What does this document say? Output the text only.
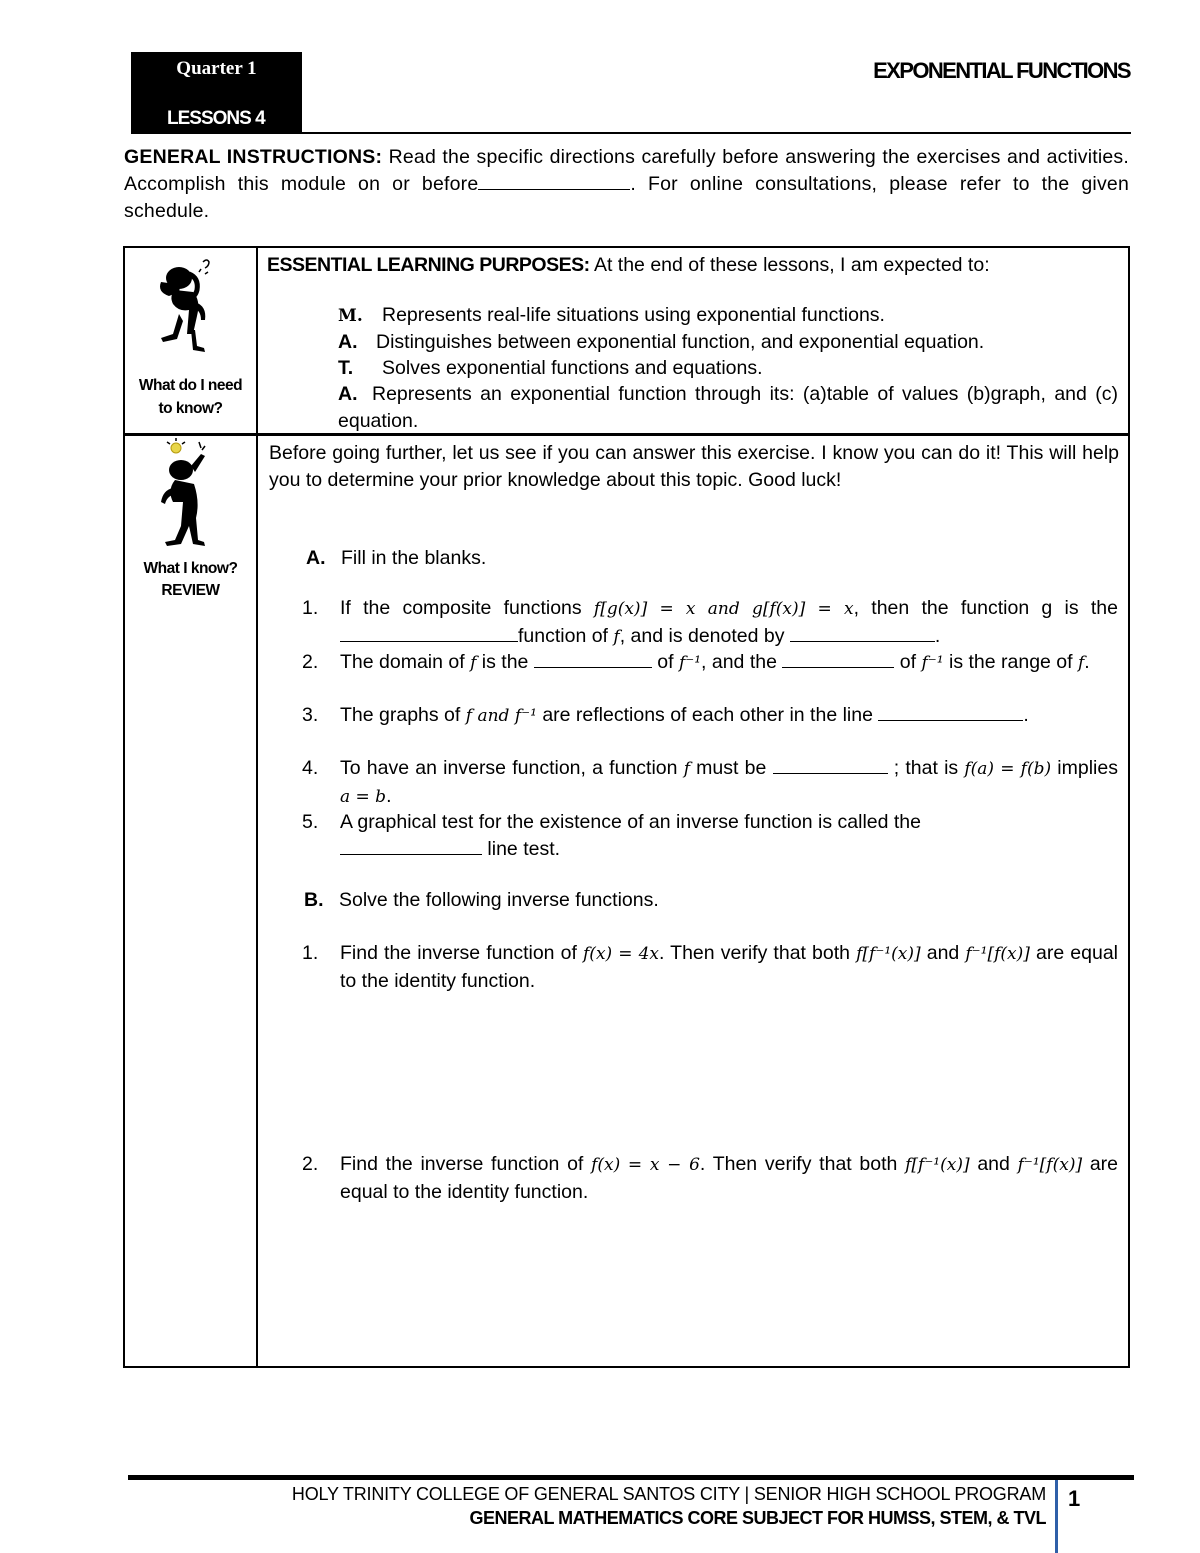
Quarter 1
LESSONS 4
EXPONENTIAL FUNCTIONS
GENERAL INSTRUCTIONS: Read the specific directions carefully before answering the exercises and activities. Accomplish this module on or before	. For online consultations, please refer to the given schedule.
What do I need
to know?
ESSENTIAL LEARNING PURPOSES: At the end of these lessons, I am expected to:
M. Represents real-life situations using exponential functions.
A. Distinguishes between exponential function, and exponential equation.
T. Solves exponential functions and equations.
A. Represents an exponential function through its: (a)table of values (b)graph, and (c) equation.
What I know?
REVIEW
Before going further, let us see if you can answer this exercise. I know you can do it! This will help you to determine your prior knowledge about this topic. Good luck!
A. Fill in the blanks.
1. If the composite functions f[g(x)] = x and g[f(x)] = x, then the function g is the function of f, and is denoted by	.
2. The domain of f is the	of f⁻¹, and the	of f⁻¹ is the range of f.
3. The graphs of f and f⁻¹ are reflections of each other in the line	.
4. To have an inverse function, a function f must be	; that is f(a) = f(b) implies a = b.
5. A graphical test for the existence of an inverse function is called the
line test.
B. Solve the following inverse functions.
1. Find the inverse function of f(x) = 4x. Then verify that both f[f⁻¹(x)] and f⁻¹[f(x)] are equal to the identity function.
2. Find the inverse function of f(x) = x − 6. Then verify that both f[f⁻¹(x)] and f⁻¹[f(x)] are equal to the identity function.
HOLY TRINITY COLLEGE OF GENERAL SANTOS CITY | SENIOR HIGH SCHOOL PROGRAM
GENERAL MATHEMATICS CORE SUBJECT FOR HUMSS, STEM, & TVL
1
